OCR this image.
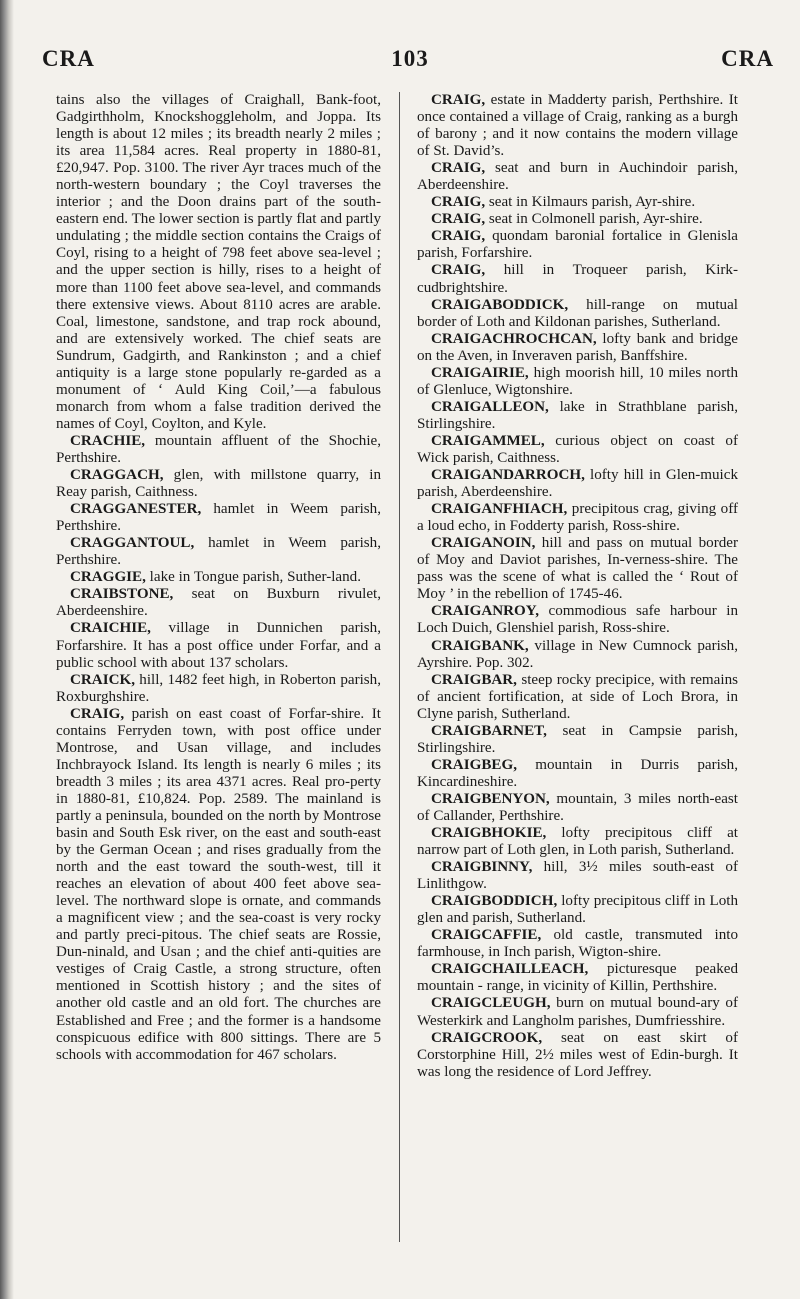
CRA	103	CRA

tains also the villages of Craighall, Bank-foot, Gadgirthholm, Knockshoggleholm, and Joppa. Its length is about 12 miles ; its breadth nearly 2 miles ; its area 11,584 acres. Real property in 1880-81, £20,947. Pop. 3100. The river Ayr traces much of the north-western boundary ; the Coyl traverses the interior ; and the Doon drains part of the south-eastern end. The lower section is partly flat and partly undulating ; the middle section contains the Craigs of Coyl, rising to a height of 798 feet above sea-level ; and the upper section is hilly, rises to a height of more than 1100 feet above sea-level, and commands there extensive views. About 8110 acres are arable. Coal, limestone, sandstone, and trap rock abound, and are extensively worked. The chief seats are Sundrum, Gadgirth, and Rankinston ; and a chief antiquity is a large stone popularly re-garded as a monument of ‘ Auld King Coil,’—a fabulous monarch from whom a false tradition derived the names of Coyl, Coylton, and Kyle.

CRACHIE, mountain affluent of the Shochie, Perthshire.

CRAGGACH, glen, with millstone quarry, in Reay parish, Caithness.

CRAGGANESTER, hamlet in Weem parish, Perthshire.

CRAGGANTOUL, hamlet in Weem parish, Perthshire.

CRAGGIE, lake in Tongue parish, Suther-land.

CRAIBSTONE, seat on Buxburn rivulet, Aberdeenshire.

CRAICHIE, village in Dunnichen parish, Forfarshire. It has a post office under Forfar, and a public school with about 137 scholars.

CRAICK, hill, 1482 feet high, in Roberton parish, Roxburghshire.

CRAIG, parish on east coast of Forfar-shire. It contains Ferryden town, with post office under Montrose, and Usan village, and includes Inchbrayock Island. Its length is nearly 6 miles ; its breadth 3 miles ; its area 4371 acres. Real pro-perty in 1880-81, £10,824. Pop. 2589. The mainland is partly a peninsula, bounded on the north by Montrose basin and South Esk river, on the east and south-east by the German Ocean ; and rises gradually from the north and the east toward the south-west, till it reaches an elevation of about 400 feet above sea-level. The northward slope is ornate, and commands a magnificent view ; and the sea-coast is very rocky and partly preci-pitous. The chief seats are Rossie, Dun-ninald, and Usan ; and the chief anti-quities are vestiges of Craig Castle, a strong structure, often mentioned in Scottish history ; and the sites of another old castle and an old fort. The churches are Established and Free ; and the former is a handsome conspicuous edifice with 800 sittings. There are 5 schools with accommodation for 467 scholars.

CRAIG, estate in Madderty parish, Perthshire. It once contained a village of Craig, ranking as a burgh of barony ; and it now contains the modern village of St. David’s.

CRAIG, seat and burn in Auchindoir parish, Aberdeenshire.

CRAIG, seat in Kilmaurs parish, Ayr-shire.

CRAIG, seat in Colmonell parish, Ayr-shire.

CRAIG, quondam baronial fortalice in Glenisla parish, Forfarshire.

CRAIG, hill in Troqueer parish, Kirk-cudbrightshire.

CRAIGABODDICK, hill-range on mutual border of Loth and Kildonan parishes, Sutherland.

CRAIGACHROCHCAN, lofty bank and bridge on the Aven, in Inveraven parish, Banffshire.

CRAIGAIRIE, high moorish hill, 10 miles north of Glenluce, Wigtonshire.

CRAIGALLEON, lake in Strathblane parish, Stirlingshire.

CRAIGAMMEL, curious object on coast of Wick parish, Caithness.

CRAIGANDARROCH, lofty hill in Glen-muick parish, Aberdeenshire.

CRAIGANFHIACH, precipitous crag, giving off a loud echo, in Fodderty parish, Ross-shire.

CRAIGANOIN, hill and pass on mutual border of Moy and Daviot parishes, In-verness-shire. The pass was the scene of what is called the ‘ Rout of Moy ’ in the rebellion of 1745-46.

CRAIGANROY, commodious safe harbour in Loch Duich, Glenshiel parish, Ross-shire.

CRAIGBANK, village in New Cumnock parish, Ayrshire. Pop. 302.

CRAIGBAR, steep rocky precipice, with remains of ancient fortification, at side of Loch Brora, in Clyne parish, Sutherland.

CRAIGBARNET, seat in Campsie parish, Stirlingshire.

CRAIGBEG, mountain in Durris parish, Kincardineshire.

CRAIGBENYON, mountain, 3 miles north-east of Callander, Perthshire.

CRAIGBHOKIE, lofty precipitous cliff at narrow part of Loth glen, in Loth parish, Sutherland.

CRAIGBINNY, hill, 3½ miles south-east of Linlithgow.

CRAIGBODDICH, lofty precipitous cliff in Loth glen and parish, Sutherland.

CRAIGCAFFIE, old castle, transmuted into farmhouse, in Inch parish, Wigton-shire.

CRAIGCHAILLEACH, picturesque peaked mountain - range, in vicinity of Killin, Perthshire.

CRAIGCLEUGH, burn on mutual bound-ary of Westerkirk and Langholm parishes, Dumfriesshire.

CRAIGCROOK, seat on east skirt of Corstorphine Hill, 2½ miles west of Edin-burgh. It was long the residence of Lord Jeffrey.
